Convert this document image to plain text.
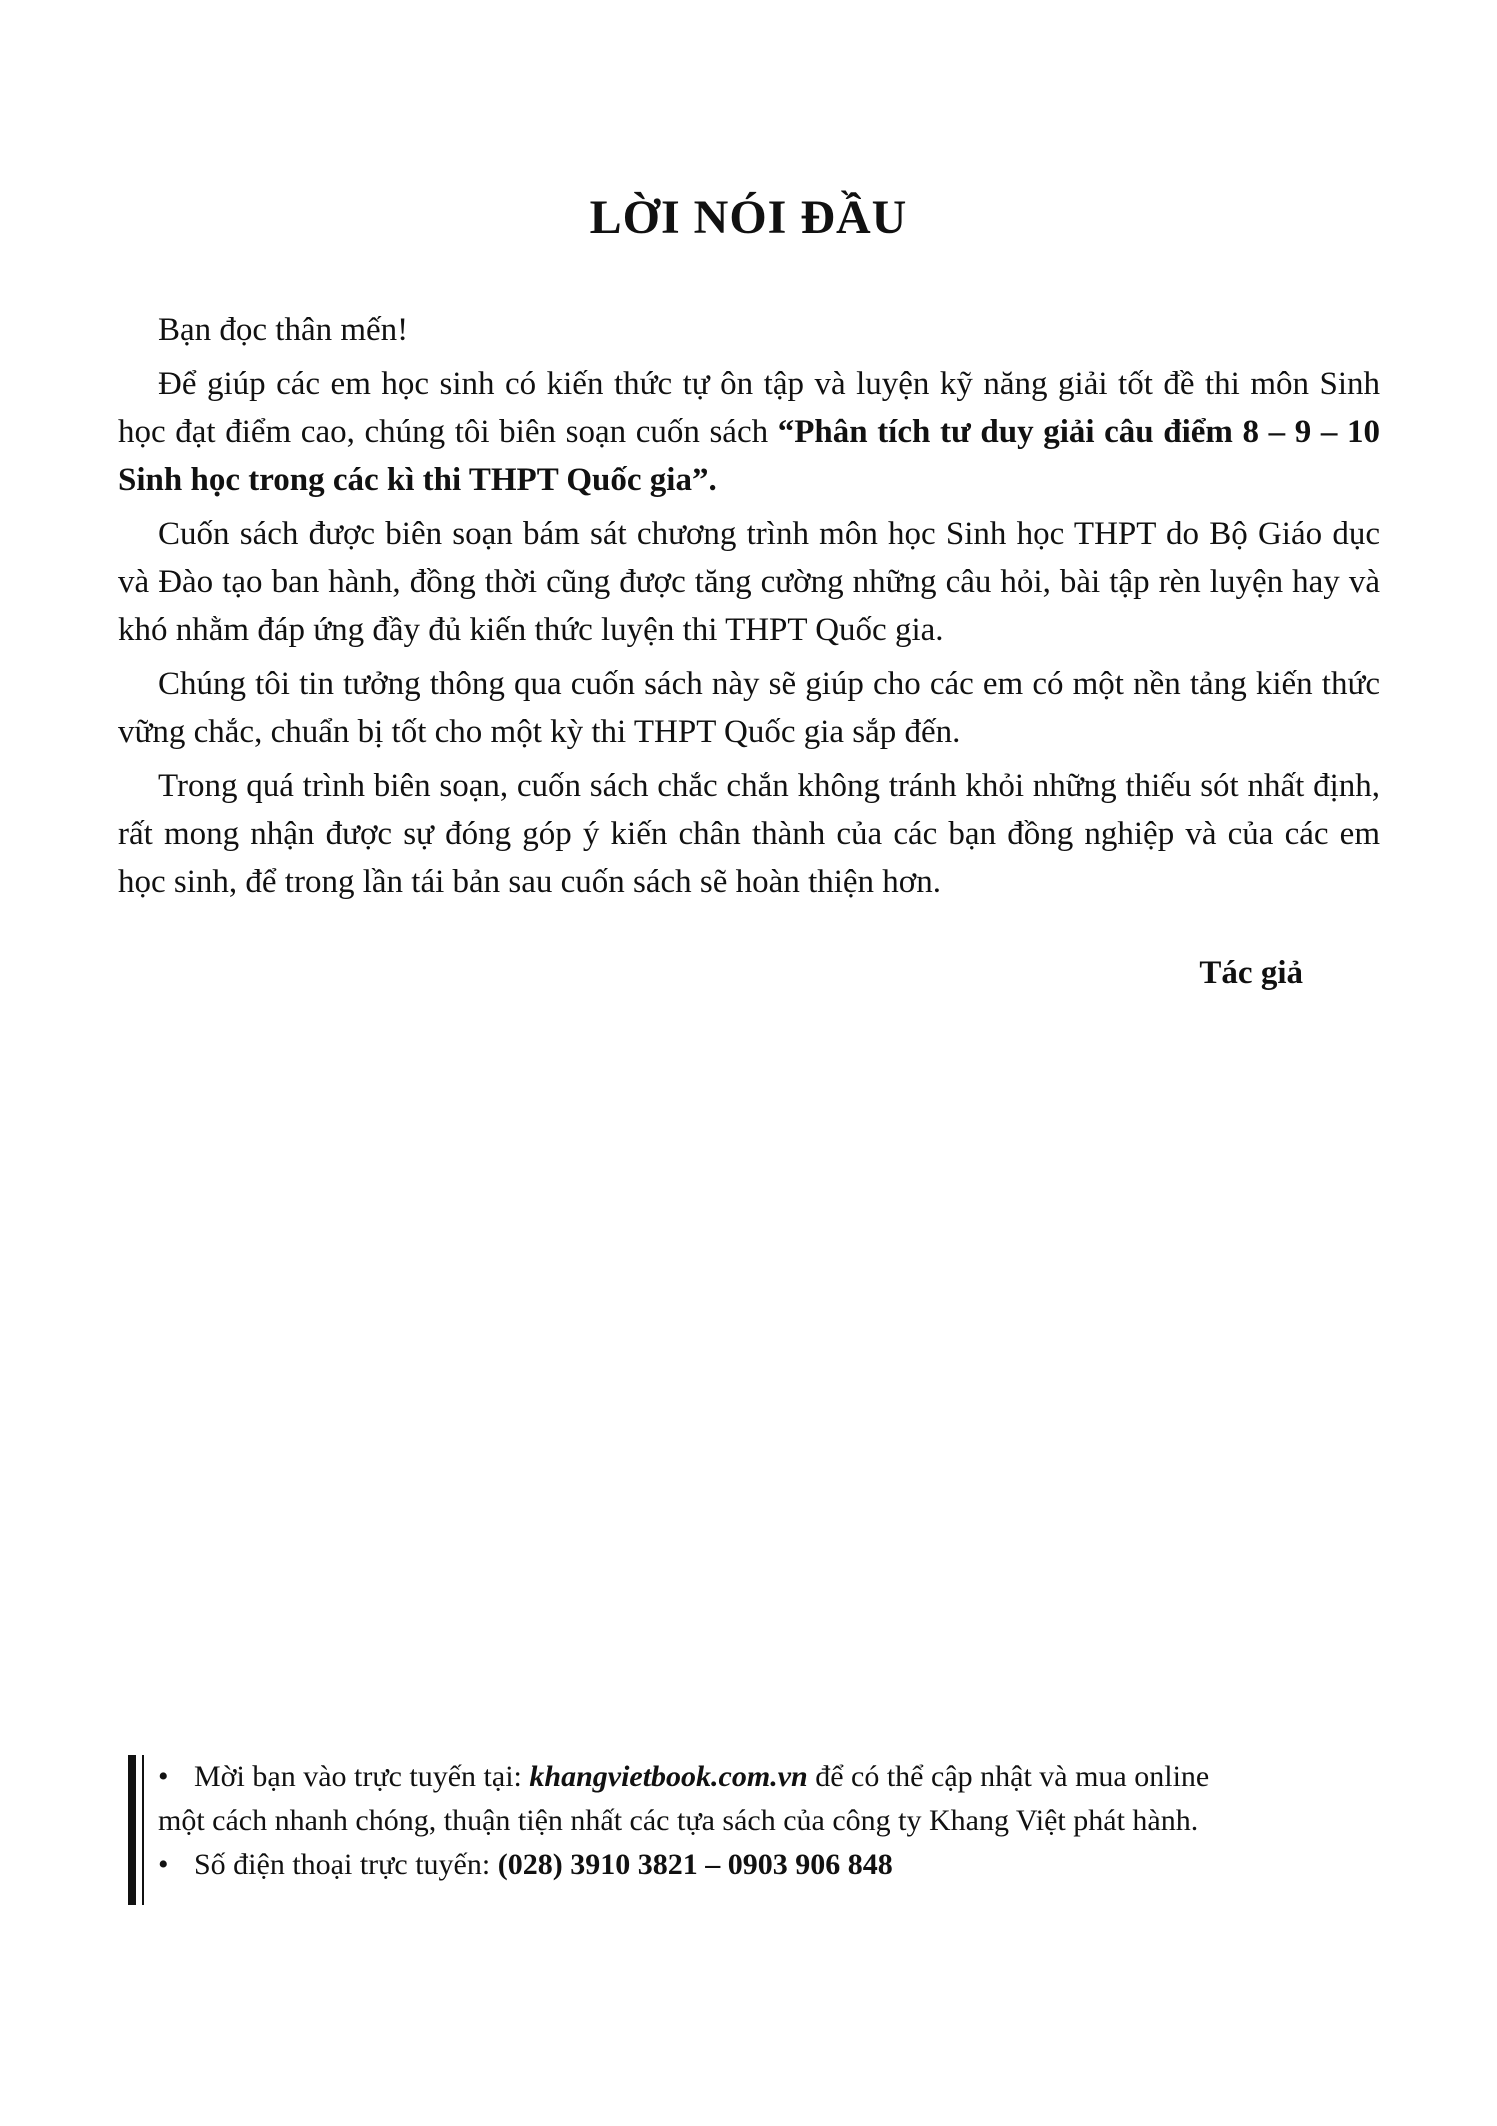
LỜI NÓI ĐẦU

Bạn đọc thân mến!

Để giúp các em học sinh có kiến thức tự ôn tập và luyện kỹ năng giải tốt đề thi môn Sinh học đạt điểm cao, chúng tôi biên soạn cuốn sách “Phân tích tư duy giải câu điểm 8 – 9 – 10 Sinh học trong các kì thi THPT Quốc gia”.

Cuốn sách được biên soạn bám sát chương trình môn học Sinh học THPT do Bộ Giáo dục và Đào tạo ban hành, đồng thời cũng được tăng cường những câu hỏi, bài tập rèn luyện hay và khó nhằm đáp ứng đầy đủ kiến thức luyện thi THPT Quốc gia.

Chúng tôi tin tưởng thông qua cuốn sách này sẽ giúp cho các em có một nền tảng kiến thức vững chắc, chuẩn bị tốt cho một kỳ thi THPT Quốc gia sắp đến.

Trong quá trình biên soạn, cuốn sách chắc chắn không tránh khỏi những thiếu sót nhất định, rất mong nhận được sự đóng góp ý kiến chân thành của các bạn đồng nghiệp và của các em học sinh, để trong lần tái bản sau cuốn sách sẽ hoàn thiện hơn.

Tác giả
• Mời bạn vào trực tuyến tại: khangvietbook.com.vn để có thể cập nhật và mua online
một cách nhanh chóng, thuận tiện nhất các tựa sách của công ty Khang Việt phát hành.
• Số điện thoại trực tuyến: (028) 3910 3821 – 0903 906 848
